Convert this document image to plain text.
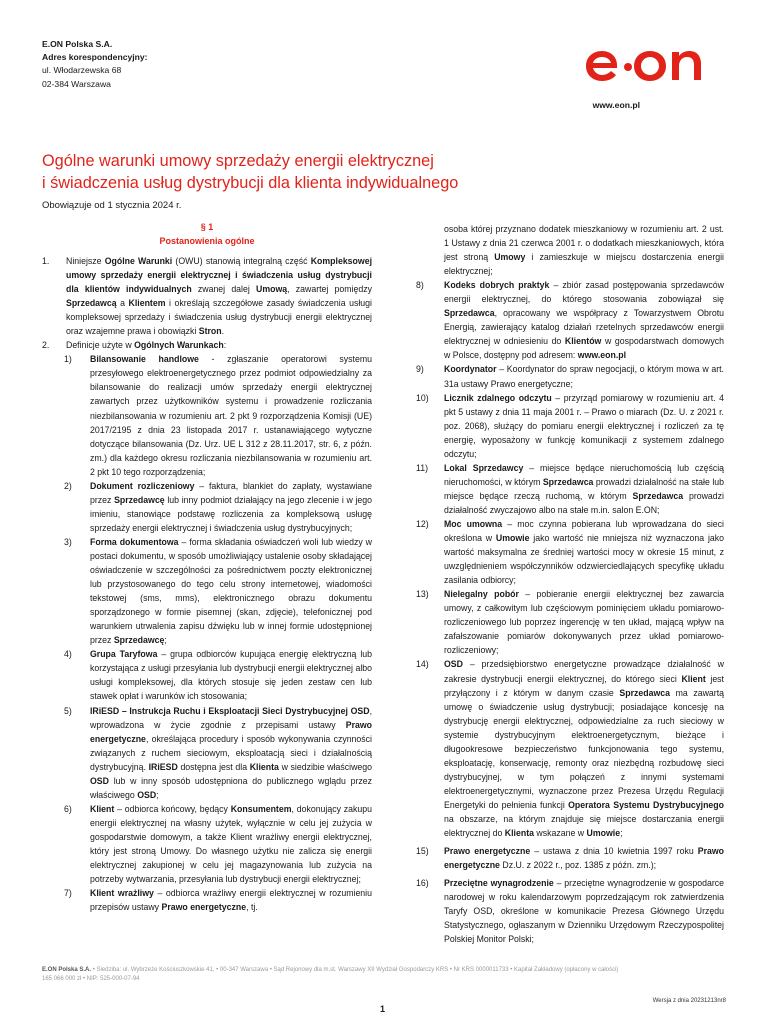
E.ON Polska S.A.
Adres korespondencyjny:
ul. Włodarzewska 68
02-384 Warszawa
www.eon.pl
Ogólne warunki umowy sprzedaży energii elektrycznej
i świadczenia usług dystrybucji dla klienta indywidualnego
Obowiązuje od 1 stycznia 2024 r.
§ 1
Postanowienia ogólne
1. Niniejsze Ogólne Warunki (OWU) stanowią integralną część Kompleksowej umowy sprzedaży energii elektrycznej i świadczenia usług dystrybucji dla klientów indywidualnych zwanej dalej Umową, zawartej pomiędzy Sprzedawcą a Klientem i określają szczegółowe zasady świadczenia usługi kompleksowej sprzedaży i świadczenia usług dystrybucji energii elektrycznej oraz wzajemne prawa i obowiązki Stron.
2. Definicje użyte w Ogólnych Warunkach:
1) Bilansowanie handlowe - zgłaszanie operatorowi systemu przesyłowego elektroenergetycznego przez podmiot odpowiedzialny za bilansowanie do realizacji umów sprzedaży energii elektrycznej zawartych przez użytkowników systemu i prowadzenie rozliczania niezbilansowania w rozumieniu art. 2 pkt 9 rozporządzenia Komisji (UE) 2017/2195 z dnia 23 listopada 2017 r. ustanawiającego wytyczne dotyczące bilansowania (Dz. Urz. UE L 312 z 28.11.2017, str. 6, z późn. zm.) dla każdego okresu rozliczania niezbilansowania w rozumieniu art. 2 pkt 10 tego rozporządzenia;
2) Dokument rozliczeniowy – faktura, blankiet do zapłaty, wystawiane przez Sprzedawcę lub inny podmiot działający na jego zlecenie i w jego imieniu, stanowiące podstawę rozliczenia za kompleksową usługę sprzedaży energii elektrycznej i świadczenia usług dystrybucyjnych;
3) Forma dokumentowa – forma składania oświadczeń woli lub wiedzy w postaci dokumentu, w sposób umożliwiający ustalenie osoby składającej oświadczenie w szczególności za pośrednictwem poczty elektronicznej lub przystosowanego do tego celu strony internetowej, wiadomości tekstowej (sms, mms), elektronicznego obrazu dokumentu sporządzonego w formie pisemnej (skan, zdjęcie), telefonicznej pod warunkiem utrwalenia zapisu dźwięku lub w innej formie udostępnionej przez Sprzedawcę;
4) Grupa Taryfowa – grupa odbiorców kupująca energię elektryczną lub korzystająca z usługi przesyłania lub dystrybucji energii elektrycznej albo usługi kompleksowej, dla których stosuje się jeden zestaw cen lub stawek opłat i warunków ich stosowania;
5) IRiESD – Instrukcja Ruchu i Eksploatacji Sieci Dystrybucyjnej OSD, wprowadzona w życie zgodnie z przepisami ustawy Prawo energetyczne, określająca procedury i sposób wykonywania czynności związanych z ruchem sieciowym, eksploatacją sieci i działalnością dystrybucyjną. IRiESD dostępna jest dla Klienta w siedzibie właściwego OSD lub w inny sposób udostępniona do publicznego wglądu przez właściwego OSD;
6) Klient – odbiorca końcowy, będący Konsumentem, dokonujący zakupu energii elektrycznej na własny użytek, wyłącznie w celu jej zużycia w gospodarstwie domowym, a także Klient wrażliwy energii elektrycznej, który jest stroną Umowy. Do własnego użytku nie zalicza się energii elektrycznej zakupionej w celu jej magazynowania lub zużycia na potrzeby wytwarzania, przesyłania lub dystrybucji energii elektrycznej;
7) Klient wrażliwy – odbiorca wrażliwy energii elektrycznej w rozumieniu przepisów ustawy Prawo energetyczne, tj.
osoba której przyznano dodatek mieszkaniowy w rozumieniu art. 2 ust. 1 Ustawy z dnia 21 czerwca 2001 r. o dodatkach mieszkaniowych, która jest stroną Umowy i zamieszkuje w miejscu dostarczenia energii elektrycznej;
8) Kodeks dobrych praktyk – zbiór zasad postępowania sprzedawców energii elektrycznej, do którego stosowania zobowiązał się Sprzedawca, opracowany we współpracy z Towarzystwem Obrotu Energią, zawierający katalog działań rzetelnych sprzedawców energii elektrycznej w odniesieniu do Klientów w gospodarstwach domowych w Polsce, dostępny pod adresem: www.eon.pl
9) Koordynator – Koordynator do spraw negocjacji, o którym mowa w art. 31a ustawy Prawo energetyczne;
10) Licznik zdalnego odczytu – przyrząd pomiarowy w rozumieniu art. 4 pkt 5 ustawy z dnia 11 maja 2001 r. – Prawo o miarach (Dz. U. z 2021 r. poz. 2068), służący do pomiaru energii elektrycznej i rozliczeń za tę energię, wyposażony w funkcję komunikacji z systemem zdalnego odczytu;
11) Lokal Sprzedawcy – miejsce będące nieruchomością lub częścią nieruchomości, w którym Sprzedawca prowadzi działalność na stałe lub miejsce będące rzeczą ruchomą, w którym Sprzedawca prowadzi działalność zwyczajowo albo na stałe m.in. salon E.ON;
12) Moc umowna – moc czynna pobierana lub wprowadzana do sieci określona w Umowie jako wartość nie mniejsza niż wyznaczona jako wartość maksymalna ze średniej wartości mocy w okresie 15 minut, z uwzględnieniem współczynników odzwierciedlających specyfikę układu zasilania odbiorcy;
13) Nielegalny pobór – pobieranie energii elektrycznej bez zawarcia umowy, z całkowitym lub częściowym pominięciem układu pomiarowo-rozliczeniowego lub poprzez ingerencję w ten układ, mającą wpływ na zafałszowanie pomiarów dokonywanych przez układ pomiarowo-rozliczeniowy;
14) OSD – przedsiębiorstwo energetyczne prowadzące działalność w zakresie dystrybucji energii elektrycznej, do którego sieci Klient jest przyłączony i z którym w danym czasie Sprzedawca ma zawartą umowę o świadczenie usług dystrybucji; posiadające koncesję na dystrybucję energii elektrycznej, odpowiedzialne za ruch sieciowy w systemie dystrybucyjnym elektroenergetycznym, bieżące i długookresowe bezpieczeństwo funkcjonowania tego systemu, eksploatację, konserwację, remonty oraz niezbędną rozbudowę sieci dystrybucyjnej, w tym połączeń z innymi systemami elektroenergetycznymi, wyznaczone przez Prezesa Urzędu Regulacji Energetyki do pełnienia funkcji Operatora Systemu Dystrybucyjnego na obszarze, na którym znajduje się miejsce dostarczania energii elektrycznej do Klienta wskazane w Umowie;
15) Prawo energetyczne – ustawa z dnia 10 kwietnia 1997 roku Prawo energetyczne Dz.U. z 2022 r., poz. 1385 z późn. zm.);
16) Przeciętne wynagrodzenie – przeciętne wynagrodzenie w gospodarce narodowej w roku kalendarzowym poprzedzającym rok zatwierdzenia Taryfy OSD, określone w komunikacie Prezesa Głównego Urzędu Statystycznego, ogłaszanym w Dzienniku Urzędowym Rzeczypospolitej Polskiej Monitor Polski;
E.ON Polska S.A. • Siedziba: ul. Wybrzeże Kościuszkowskie 41, • 00-347 Warszawa • Sąd Rejonowy dla m.st. Warszawy XII Wydział Gospodarczy KRS • Nr KRS 0000011733 • Kapitał Zakładowy (opłacony w całości)
165 066 000 zł • NIP: 525-000-07-94
Wersja z dnia 20231213nr8
1
